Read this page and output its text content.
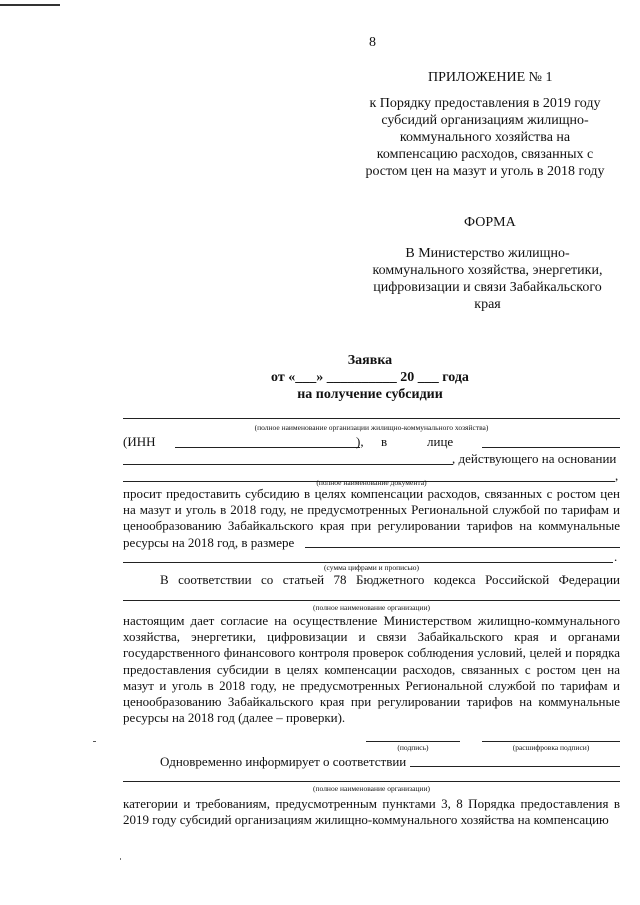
8
ПРИЛОЖЕНИЕ № 1
к Порядку предоставления в 2019 году
субсидий организациям жилищно-
коммунального хозяйства на
компенсацию расходов, связанных с
ростом цен на мазут и уголь в 2018 году
ФОРМА
В Министерство жилищно-
коммунального хозяйства, энергетики,
цифровизации и связи Забайкальского
края
Заявка
от «___» __________ 20 ___ года
на получение субсидии
(полное наименование организации жилищно-коммунального хозяйства)
(ИНН	), в	лице
, действующего на основании
,
(полное наименование документа)
просит предоставить субсидию в целях компенсации расходов, связанных с ростом цен на мазут и уголь в 2018 году, не предусмотренных Региональной службой по тарифам и ценообразованию Забайкальского края при регулировании тарифов на коммунальные ресурсы на 2018 год, в размере
(сумма цифрами и прописью)
.
В соответствии со статьей 78 Бюджетного кодекса Российской Федерации
(полное наименование организации)
настоящим дает согласие на осуществление Министерством жилищно-коммунального хозяйства, энергетики, цифровизации и связи Забайкальского края и органами государственного финансового контроля проверок соблюдения условий, целей и порядка предоставления субсидии в целях компенсации расходов, связанных с ростом цен на мазут и уголь в 2018 году, не предусмотренных Региональной службой по тарифам и ценообразованию Забайкальского края при регулировании тарифов на коммунальные ресурсы на 2018 год (далее – проверки).
(подпись)	(расшифровка подписи)
Одновременно информирует о соответствии
(полное наименование организации)
категории и требованиям, предусмотренным пунктами 3, 8 Порядка предоставления в 2019 году субсидий организациям жилищно-коммунального хозяйства на компенсацию
